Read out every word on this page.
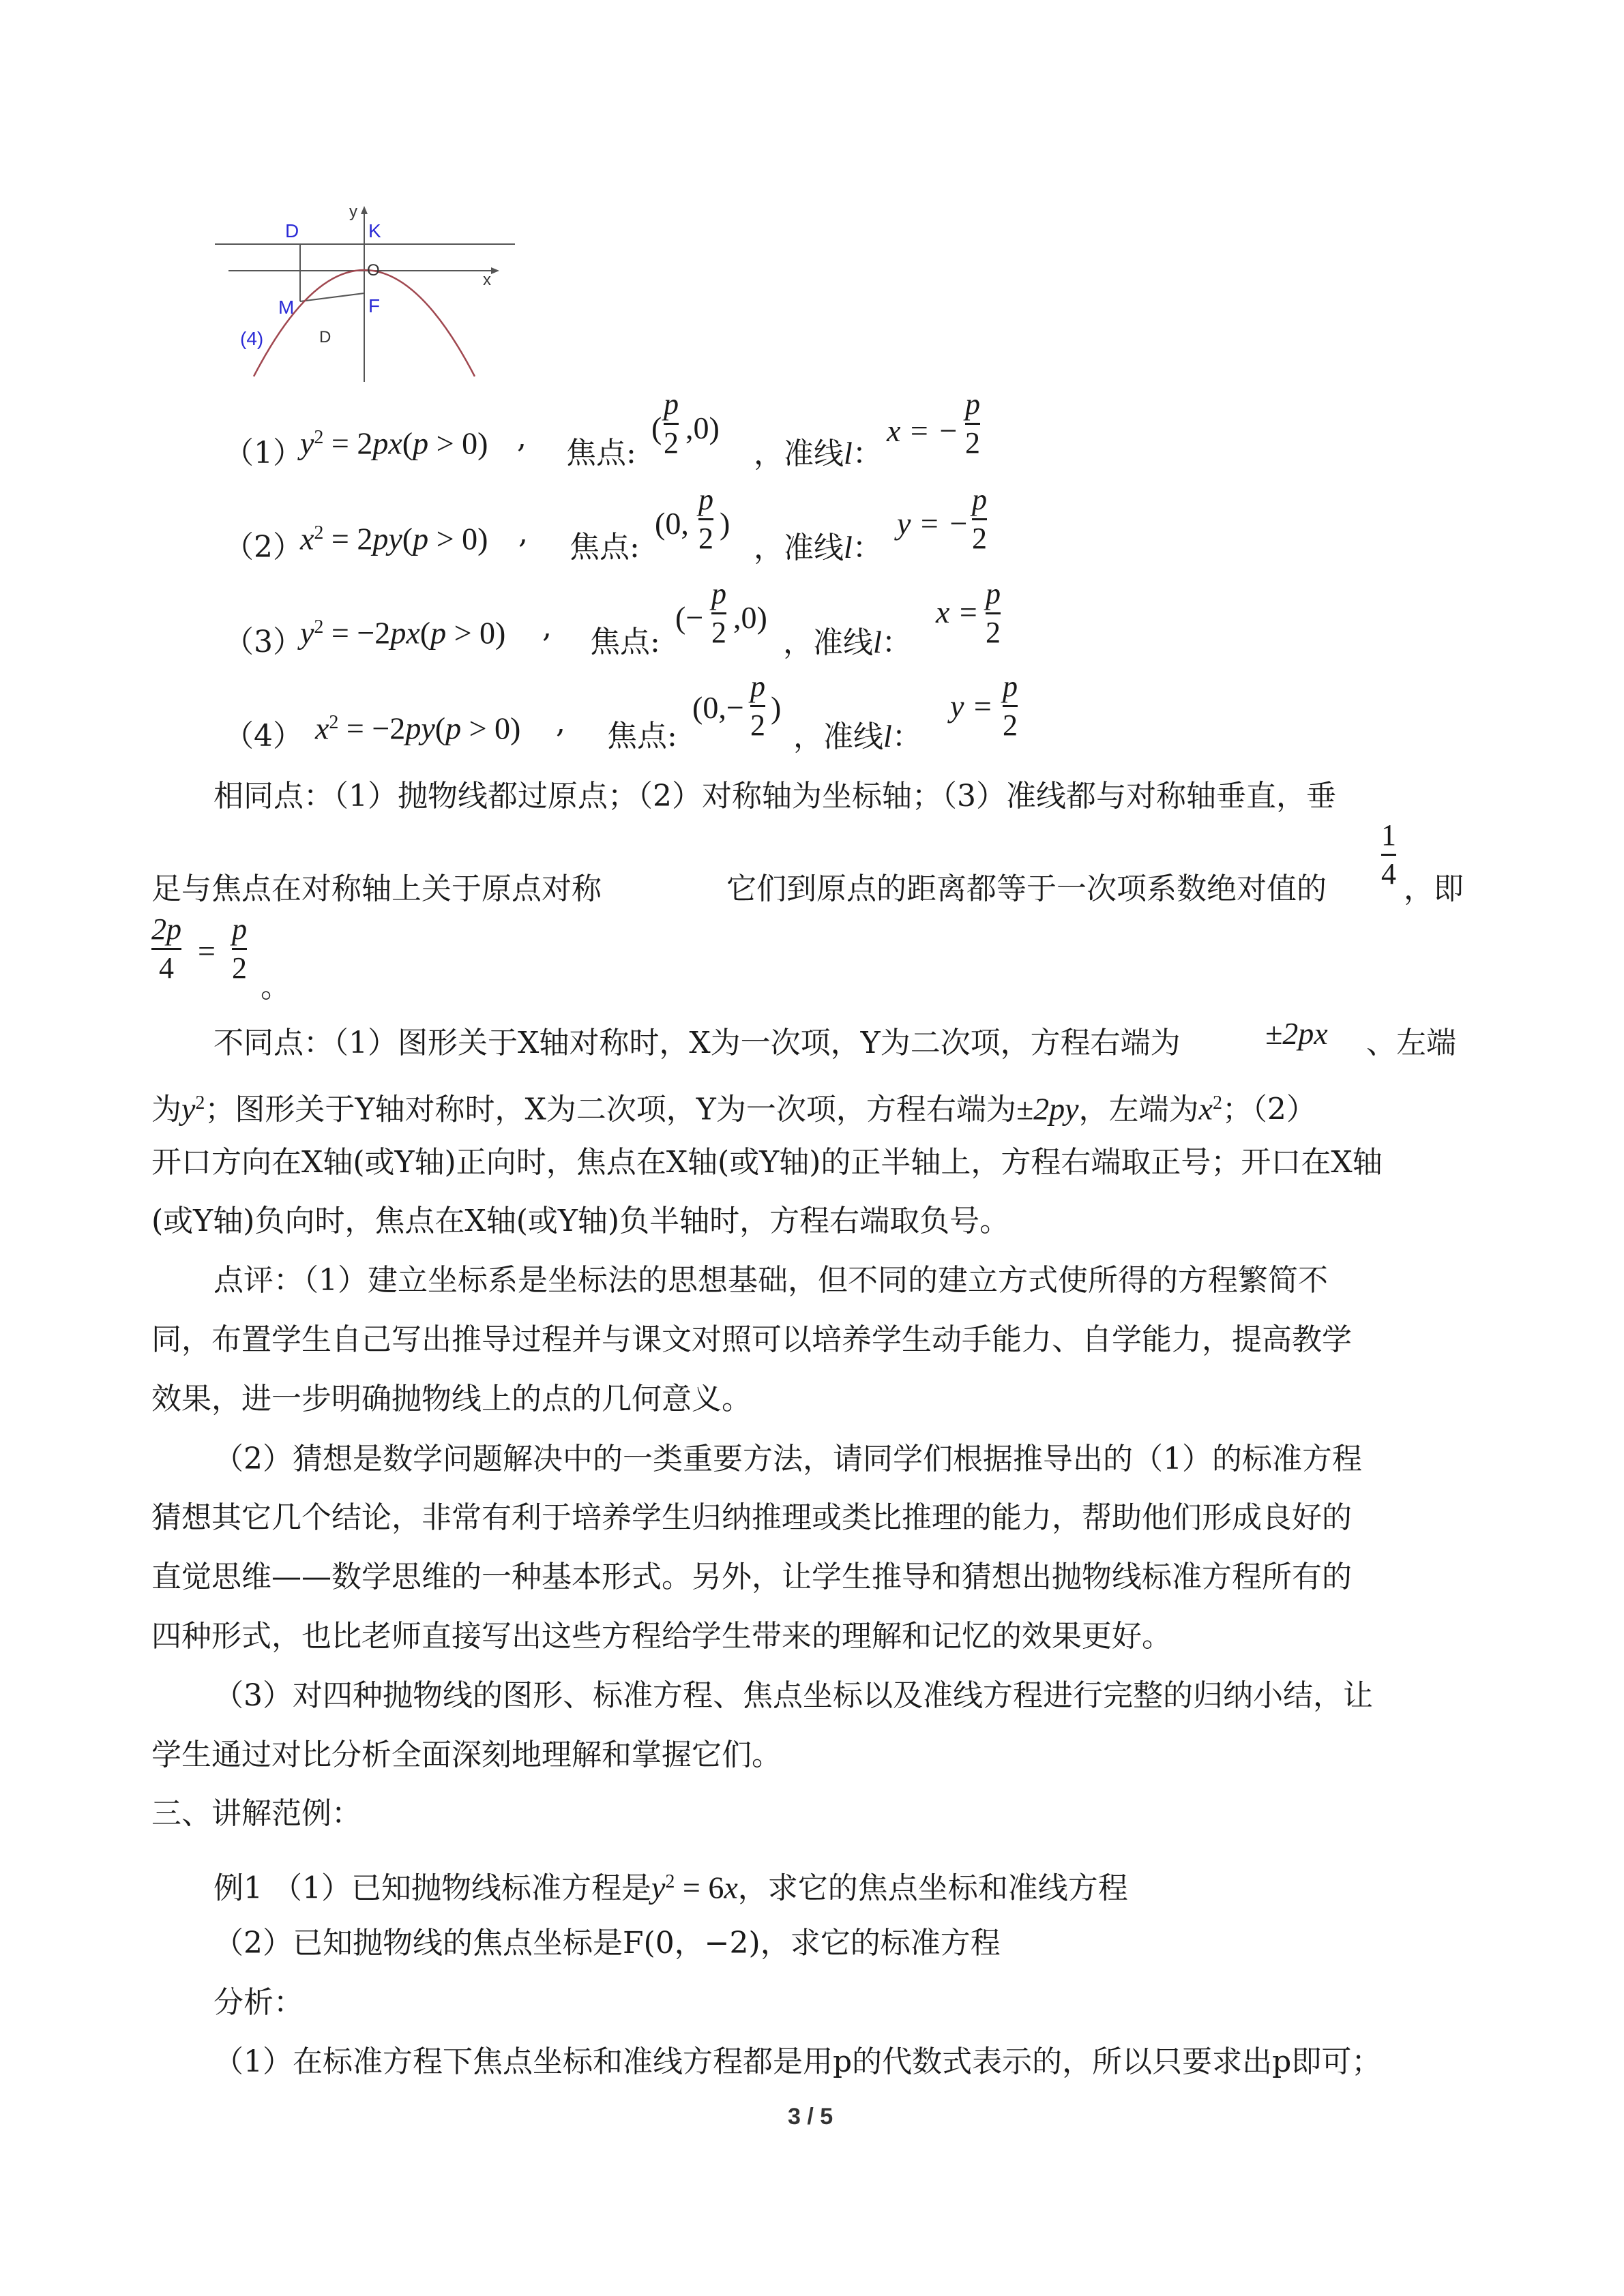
y
D	K
O
x
M	F
D
(4)
（1）
$y^2 = 2px(p > 0)$ , 焦点:
(
p
2 ,0)
，准线l：
x = −
p
2
（2）
$x^2 = 2py(p > 0)$ , 焦点:
(0,
p
2 )
，准线l：
y = −
p
2
（3）
$y^2 = -2px(p > 0)$ , 焦点:
(−
p
2 ,0)
，准线l：
x =
p
2
（4） $x^2 = -2py(p > 0)$ , 焦点:
(0,−
p
2
)
，准线l：
y =
p
2
相同点：（1）抛物线都过原点；（2）对称轴为坐标轴；（3）准线都与对称轴垂直，垂
足与焦点在对称轴上关于原点对称	它们到原点的距离都等于一次项系数绝对值的
1
4 ，即
2p
4 =
p
2
。
不同点：（1）图形关于X轴对称时，X为一次项，Y为二次项，方程右端为	±2px 、左端
为$y^2$；图形关于Y轴对称时，X为二次项，Y为一次项，方程右端为±2py，左端为$x^2$；（2）
开口方向在X轴(或Y轴)正向时，焦点在X轴(或Y轴)的正半轴上，方程右端取正号；开口在X轴
(或Y轴)负向时，焦点在X轴(或Y轴)负半轴时，方程右端取负号。
点评：（1）建立坐标系是坐标法的思想基础，但不同的建立方式使所得的方程繁简不
同，布置学生自己写出推导过程并与课文对照可以培养学生动手能力、自学能力，提高教学
效果，进一步明确抛物线上的点的几何意义。
（2）猜想是数学问题解决中的一类重要方法，请同学们根据推导出的（1）的标准方程
猜想其它几个结论，非常有利于培养学生归纳推理或类比推理的能力，帮助他们形成良好的
直觉思维——数学思维的一种基本形式。另外，让学生推导和猜想出抛物线标准方程所有的
四种形式，也比老师直接写出这些方程给学生带来的理解和记忆的效果更好。
（3）对四种抛物线的图形、标准方程、焦点坐标以及准线方程进行完整的归纳小结，让
学生通过对比分析全面深刻地理解和掌握它们。
三、讲解范例：
例1 （1）已知抛物线标准方程是$y^2 = 6x$，求它的焦点坐标和准线方程
（2）已知抛物线的焦点坐标是F(0，−2)，求它的标准方程
分析：
（1）在标准方程下焦点坐标和准线方程都是用p的代数式表示的，所以只要求出p即可；
3 / 5
